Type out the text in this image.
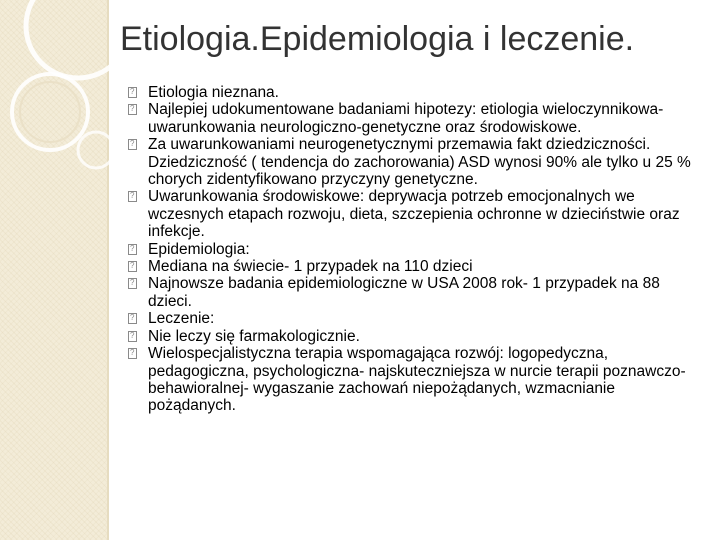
Etiologia.Epidemiologia i leczenie.
?
Etiologia nieznana.
?
Najlepiej udokumentowane badaniami hipotezy: etiologia wieloczynnikowa- uwarunkowania neurologiczno-genetyczne oraz środowiskowe.
?
Za uwarunkowaniami neurogenetycznymi przemawia fakt dziedziczności. Dziedziczność ( tendencja do zachorowania) ASD wynosi 90% ale tylko u 25 % chorych zidentyfikowano przyczyny genetyczne.
?
Uwarunkowania środowiskowe: deprywacja potrzeb emocjonalnych we wczesnych etapach rozwoju, dieta, szczepienia ochronne w dzieciństwie oraz infekcje.
?
Epidemiologia:
?
Mediana na świecie- 1 przypadek na 110 dzieci
?
Najnowsze badania epidemiologiczne w USA 2008 rok- 1 przypadek na 88 dzieci.
?
Leczenie:
?
Nie leczy się farmakologicznie.
?
Wielospecjalistyczna terapia wspomagająca rozwój: logopedyczna, pedagogiczna, psychologiczna- najskuteczniejsza w nurcie terapii poznawczo-behawioralnej- wygaszanie zachowań niepożądanych, wzmacnianie pożądanych.
